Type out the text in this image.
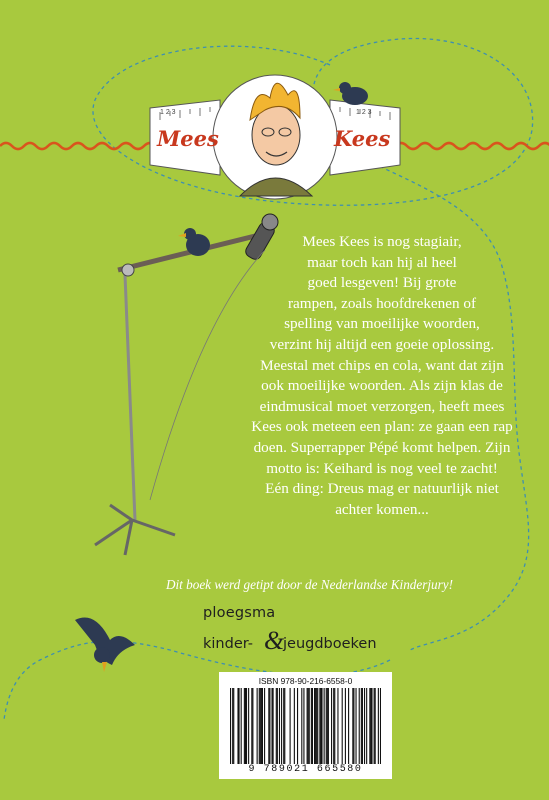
Mees	Kees
1 2 3	1 2 3

Mees Kees is nog stagiair,
maar toch kan hij al heel
goed lesgeven! Bij grote
rampen, zoals hoofdrekenen of
spelling van moeilijke woorden,
verzint hij altijd een goeie oplossing.
Meestal met chips en cola, want dat zijn
ook moeilijke woorden. Als zijn klas de
eindmusical moet verzorgen, heeft mees
Kees ook meteen een plan: ze gaan een rap
doen. Superrapper Pépé komt helpen. Zijn
motto is: Keihard is nog veel te zacht!
Eén ding: Dreus mag er natuurlijk niet
achter komen...

Dit boek werd getipt door de Nederlandse Kinderjury!

ploegsma
kinder- &
jeugdboeken
ISBN 978-90-216-6558-0
9 789021 665580
